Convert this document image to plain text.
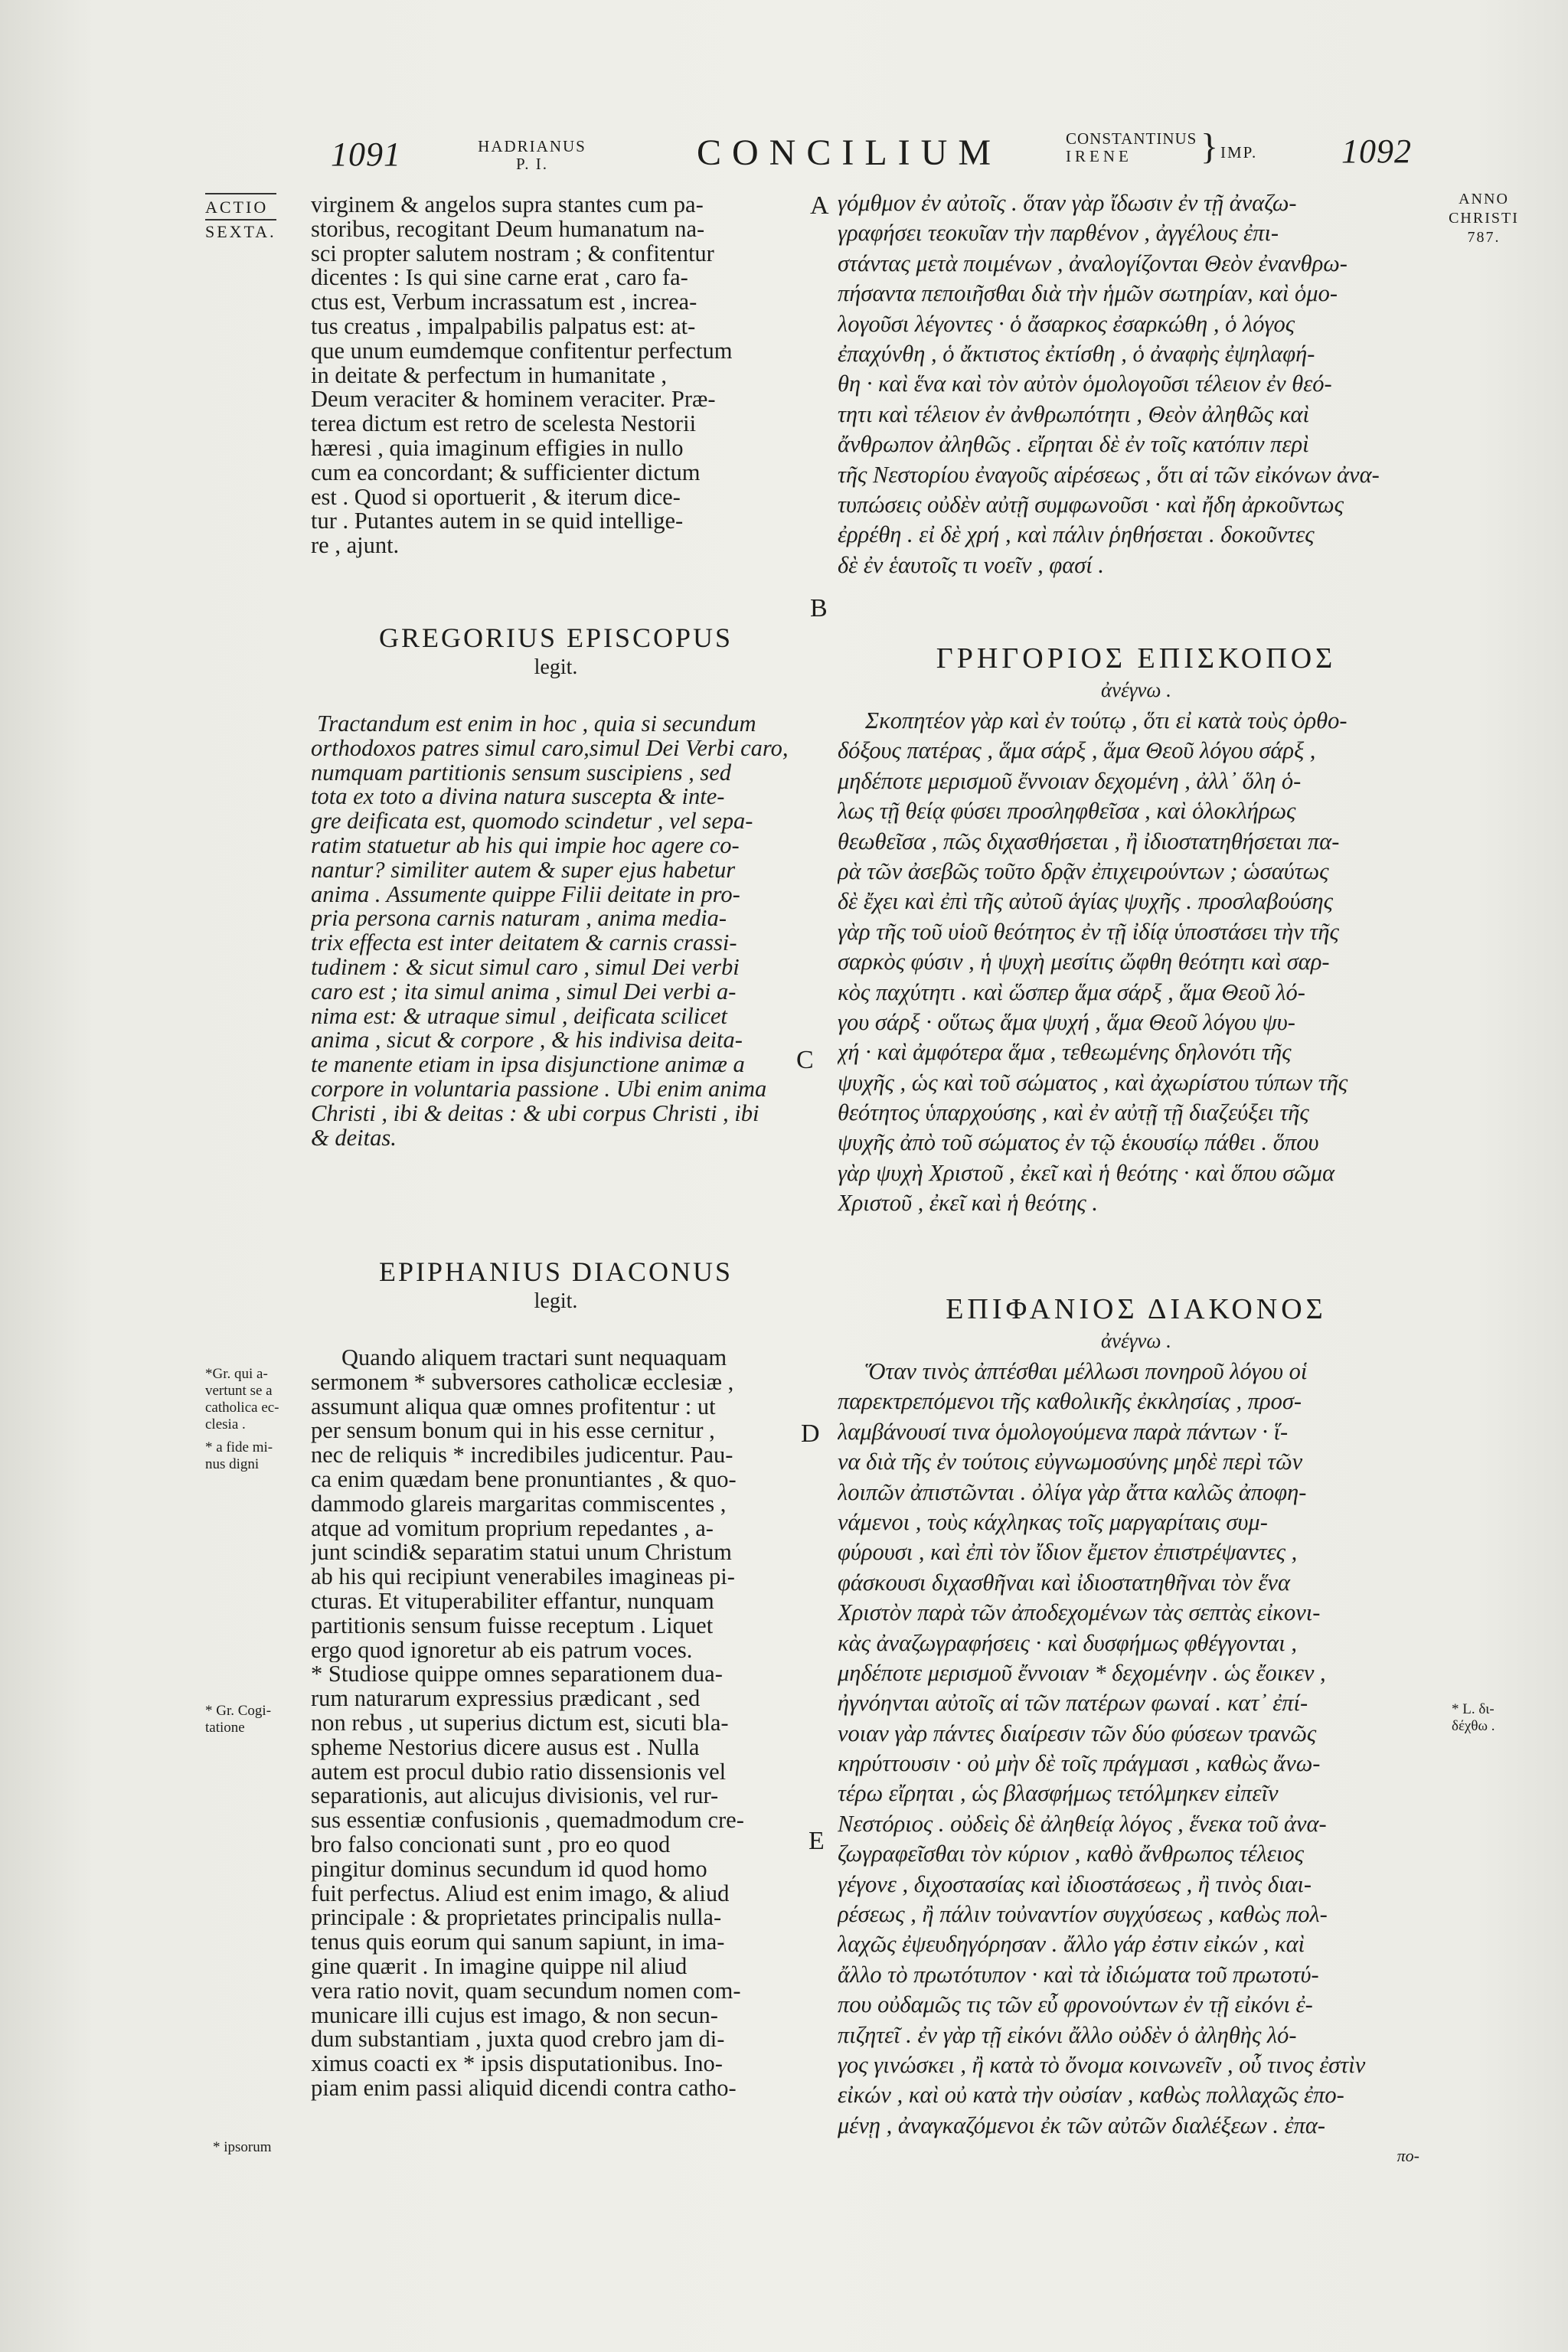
1091	HADRIANUS
P. I.	CONCILIUM	CONSTANTINUS
IRENE	} IMP. 1092
ACTIO
SEXTA.
*Gr. qui a-
vertunt se a
catholica ec-
clesia .
* a fide mi-
nus digni
* Gr. Cogi-
tatione
* ipsorum
ANNO
CHRISTI
787.
* L. δι-
δέχθω .
A
B
C
D
E
virginem & angelos supra stantes cum pa-
storibus, recogitant Deum humanatum na-
sci propter salutem nostram ; & confitentur
dicentes : Is qui sine carne erat , caro fa-
ctus est, Verbum incrassatum est , increa-
tus creatus , impalpabilis palpatus est: at-
que unum eumdemque confitentur perfectum
in deitate & perfectum in humanitate ,
Deum veraciter & hominem veraciter. Præ-
terea dictum est retro de scelesta Nestorii
hæresi , quia imaginum effigies in nullo
cum ea concordant; & sufficienter dictum
est . Quod si oportuerit , & iterum dice-
tur . Putantes autem in se quid intellige-
re , ajunt.
GREGORIUS EPISCOPUS
legit.
Tractandum est enim in hoc , quia si secundum
orthodoxos patres simul caro,simul Dei Verbi caro,
numquam partitionis sensum suscipiens , sed
tota ex toto a divina natura suscepta & inte-
gre deificata est, quomodo scindetur , vel sepa-
ratim statuetur ab his qui impie hoc agere co-
nantur? similiter autem & super ejus habetur
anima . Assumente quippe Filii deitate in pro-
pria persona carnis naturam , anima media-
trix effecta est inter deitatem & carnis crassi-
tudinem : & sicut simul caro , simul Dei verbi
caro est ; ita simul anima , simul Dei verbi a-
nima est: & utraque simul , deificata scilicet
anima , sicut & corpore , & his indivisa deita-
te manente etiam in ipsa disjunctione animæ a
corpore in voluntaria passione . Ubi enim anima
Christi , ibi & deitas : & ubi corpus Christi , ibi
& deitas.
EPIPHANIUS DIACONUS
legit.
Quando aliquem tractari sunt nequaquam
sermonem * subversores catholicæ ecclesiæ ,
assumunt aliqua quæ omnes profitentur : ut
per sensum bonum qui in his esse cernitur ,
nec de reliquis * incredibiles judicentur. Pau-
ca enim quædam bene pronuntiantes , & quo-
dammodo glareis margaritas commiscentes ,
atque ad vomitum proprium repedantes , a-
junt scindi& separatim statui unum Christum
ab his qui recipiunt venerabiles imagineas pi-
cturas. Et vituperabiliter effantur, nunquam
partitionis sensum fuisse receptum . Liquet
ergo quod ignoretur ab eis patrum voces.
* Studiose quippe omnes separationem dua-
rum naturarum expressius prædicant , sed
non rebus , ut superius dictum est, sicuti bla-
spheme Nestorius dicere ausus est . Nulla
autem est procul dubio ratio dissensionis vel
separationis, aut alicujus divisionis, vel rur-
sus essentiæ confusionis , quemadmodum cre-
bro falso concionati sunt , pro eo quod
pingitur dominus secundum id quod homo
fuit perfectus. Aliud est enim imago, & aliud
principale : & proprietates principalis nulla-
tenus quis eorum qui sanum sapiunt, in ima-
gine quærit . In imagine quippe nil aliud
vera ratio novit, quam secundum nomen com-
municare illi cujus est imago, & non secun-
dum substantiam , juxta quod crebro jam di-
ximus coacti ex * ipsis disputationibus. Ino-
piam enim passi aliquid dicendi contra catho-
γόμθμον ἐν αὐτοῖς . ὅταν γὰρ ἴδωσιν ἐν τῇ ἀναζω-
γραφήσει τεοκυῖαν τὴν παρθένον , ἀγγέλους ἐπι-
στάντας μετὰ ποιμένων , ἀναλογίζονται Θεὸν ἐνανθρω-
πήσαντα πεποιῆσθαι διὰ τὴν ἡμῶν σωτηρίαν, καὶ ὁμο-
λογοῦσι λέγοντες · ὁ ἄσαρκος ἐσαρκώθη , ὁ λόγος
ἐπαχύνθη , ὁ ἄκτιστος ἐκτίσθη , ὁ ἀναφὴς ἐψηλαφή-
θη · καὶ ἕνα καὶ τὸν αὐτὸν ὁμολογοῦσι τέλειον ἐν θεό-
τητι καὶ τέλειον ἐν ἀνθρωπότητι , Θεὸν ἀληθῶς καὶ
ἄνθρωπον ἀληθῶς . εἴρηται δὲ ἐν τοῖς κατόπιν περὶ
τῆς Νεστορίου ἐναγοῦς αἱρέσεως , ὅτι αἱ τῶν εἰκόνων ἀνα-
τυπώσεις οὐδὲν αὐτῇ συμφωνοῦσι · καὶ ἤδη ἀρκοῦντως
ἐρρέθη . εἰ δὲ χρή , καὶ πάλιν ῥηθήσεται . δοκοῦντες
δὲ ἐν ἑαυτοῖς τι νοεῖν , φασί .
ΓΡΗΓΟΡΙΟΣ ΕΠΙΣΚΟΠΟΣ
ἀνέγνω .
Σκοπητέον γὰρ καὶ ἐν τούτῳ , ὅτι εἰ κατὰ τοὺς ὀρθο-
δόξους πατέρας , ἅμα σάρξ , ἅμα Θεοῦ λόγου σάρξ ,
μηδέποτε μερισμοῦ ἔννοιαν δεχομένη , ἀλλ᾽ ὅλη ὁ-
λως τῇ θείᾳ φύσει προσληφθεῖσα , καὶ ὁλοκλήρως
θεωθεῖσα , πῶς διχασθήσεται , ἢ ἰδιοστατηθήσεται πα-
ρὰ τῶν ἀσεβῶς τοῦτο δρᾷν ἐπιχειρούντων ; ὡσαύτως
δὲ ἔχει καὶ ἐπὶ τῆς αὐτοῦ ἁγίας ψυχῆς . προσλαβούσης
γὰρ τῆς τοῦ υἱοῦ θεότητος ἐν τῇ ἰδίᾳ ὑποστάσει τὴν τῆς
σαρκὸς φύσιν , ἡ ψυχὴ μεσίτις ὤφθη θεότητι καὶ σαρ-
κὸς παχύτητι . καὶ ὥσπερ ἅμα σάρξ , ἅμα Θεοῦ λό-
γου σάρξ · οὕτως ἅμα ψυχή , ἅμα Θεοῦ λόγου ψυ-
χή · καὶ ἀμφότερα ἅμα , τεθεωμένης δηλονότι τῆς
ψυχῆς , ὡς καὶ τοῦ σώματος , καὶ ἀχωρίστου τύπων τῆς
θεότητος ὑπαρχούσης , καὶ ἐν αὐτῇ τῇ διαζεύξει τῆς
ψυχῆς ἀπὸ τοῦ σώματος ἐν τῷ ἑκουσίῳ πάθει . ὅπου
γὰρ ψυχὴ Χριστοῦ , ἐκεῖ καὶ ἡ θεότης · καὶ ὅπου σῶμα
Χριστοῦ , ἐκεῖ καὶ ἡ θεότης .
ΕΠΙΦΑΝΙΟΣ ΔΙΑΚΟΝΟΣ
ἀνέγνω .
Ὅταν τινὸς ἀπτέσθαι μέλλωσι πονηροῦ λόγου οἱ
παρεκτρεπόμενοι τῆς καθολικῆς ἐκκλησίας , προσ-
λαμβάνουσί τινα ὁμολογούμενα παρὰ πάντων · ἵ-
να διὰ τῆς ἐν τούτοις εὐγνωμοσύνης μηδὲ περὶ τῶν
λοιπῶν ἀπιστῶνται . ὀλίγα γὰρ ἄττα καλῶς ἀποφη-
νάμενοι , τοὺς κάχληκας τοῖς μαργαρίταις συμ-
φύρουσι , καὶ ἐπὶ τὸν ἴδιον ἔμετον ἐπιστρέψαντες ,
φάσκουσι διχασθῆναι καὶ ἰδιοστατηθῆναι τὸν ἕνα
Χριστὸν παρὰ τῶν ἀποδεχομένων τὰς σεπτὰς εἰκονι-
κὰς ἀναζωγραφήσεις · καὶ δυσφήμως φθέγγονται ,
μηδέποτε μερισμοῦ ἔννοιαν * δεχομένην . ὡς ἔοικεν ,
ἠγνόηνται αὐτοῖς αἱ τῶν πατέρων φωναί . κατ᾽ ἐπί-
νοιαν γὰρ πάντες διαίρεσιν τῶν δύο φύσεων τρανῶς
κηρύττουσιν · οὐ μὴν δὲ τοῖς πράγμασι , καθὼς ἄνω-
τέρω εἴρηται , ὡς βλασφήμως τετόλμηκεν εἰπεῖν
Νεστόριος . οὐδεὶς δὲ ἀληθείᾳ λόγος , ἕνεκα τοῦ ἀνα-
ζωγραφεῖσθαι τὸν κύριον , καθὸ ἄνθρωπος τέλειος
γέγονε , διχοστασίας καὶ ἰδιοστάσεως , ἢ τινὸς διαι-
ρέσεως , ἢ πάλιν τοὐναντίον συγχύσεως , καθὼς πολ-
λαχῶς ἐψευδηγόρησαν . ἄλλο γάρ ἐστιν εἰκών , καὶ
ἄλλο τὸ πρωτότυπον · καὶ τὰ ἰδιώματα τοῦ πρωτοτύ-
που οὐδαμῶς τις τῶν εὖ φρονούντων ἐν τῇ εἰκόνι ἐ-
πιζητεῖ . ἐν γὰρ τῇ εἰκόνι ἄλλο οὐδὲν ὁ ἀληθὴς λό-
γος γινώσκει , ἢ κατὰ τὸ ὄνομα κοινωνεῖν , οὗ τινος ἐστὶν
εἰκών , καὶ οὐ κατὰ τὴν οὐσίαν , καθὼς πολλαχῶς ἐπο-
μένῃ , ἀναγκαζόμενοι ἐκ τῶν αὐτῶν διαλέξεων . ἐπα-
πο-
